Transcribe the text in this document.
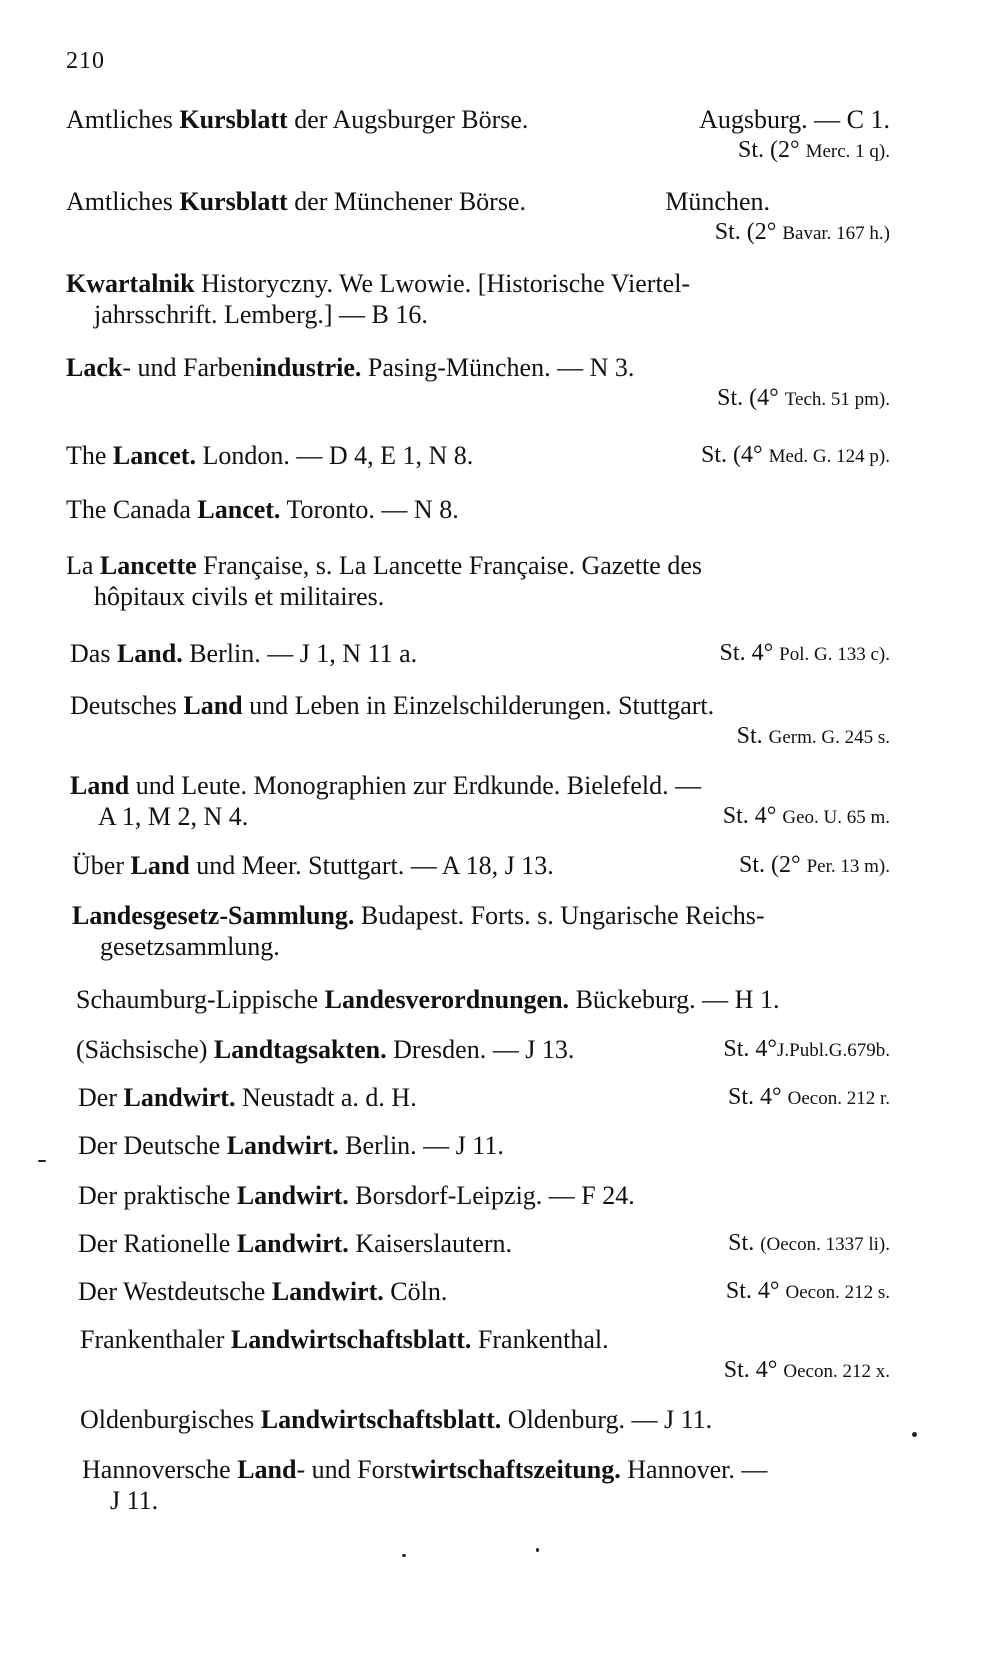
210
Amtliches Kursblatt der Augsburger Börse.	Augsburg. — C 1.
St. (2° Merc. 1 q).
Amtliches Kursblatt der Münchener Börse.	München.
St. (2° Bavar. 167 h.)
Kwartalnik Historyczny. We Lwowie. [Historische Viertel-
jahrsschrift. Lemberg.] — B 16.
Lack- und Farbenindustrie. Pasing-München. — N 3.
St. (4° Tech. 51 pm).
The Lancet. London. — D 4, E 1, N 8.	St. (4° Med. G. 124 p).
The Canada Lancet. Toronto. — N 8.
La Lancette Française, s. La Lancette Française. Gazette des
hôpitaux civils et militaires.
Das Land. Berlin. — J 1, N 11 a.	St. 4° Pol. G. 133 c).
Deutsches Land und Leben in Einzelschilderungen. Stuttgart.
St. Germ. G. 245 s.
Land und Leute. Monographien zur Erdkunde. Bielefeld. —
A 1, M 2, N 4.	St. 4° Geo. U. 65 m.
Über Land und Meer. Stuttgart. — A 18, J 13.	St. (2° Per. 13 m).
Landesgesetz-Sammlung. Budapest. Forts. s. Ungarische Reichs-
gesetzsammlung.
Schaumburg-Lippische Landesverordnungen. Bückeburg. — H 1.
(Sächsische) Landtagsakten. Dresden. — J 13.	St. 4°J.Publ.G.679b.
Der Landwirt. Neustadt a. d. H.	St. 4° Oecon. 212 r.
Der Deutsche Landwirt. Berlin. — J 11.
Der praktische Landwirt. Borsdorf-Leipzig. — F 24.
Der Rationelle Landwirt. Kaiserslautern.	St. (Oecon. 1337 li).
Der Westdeutsche Landwirt. Cöln.	St. 4° Oecon. 212 s.
Frankenthaler Landwirtschaftsblatt. Frankenthal.
St. 4° Oecon. 212 x.
Oldenburgisches Landwirtschaftsblatt. Oldenburg. — J 11.
Hannoversche Land- und Forstwirtschaftszeitung. Hannover. —
J 11.
